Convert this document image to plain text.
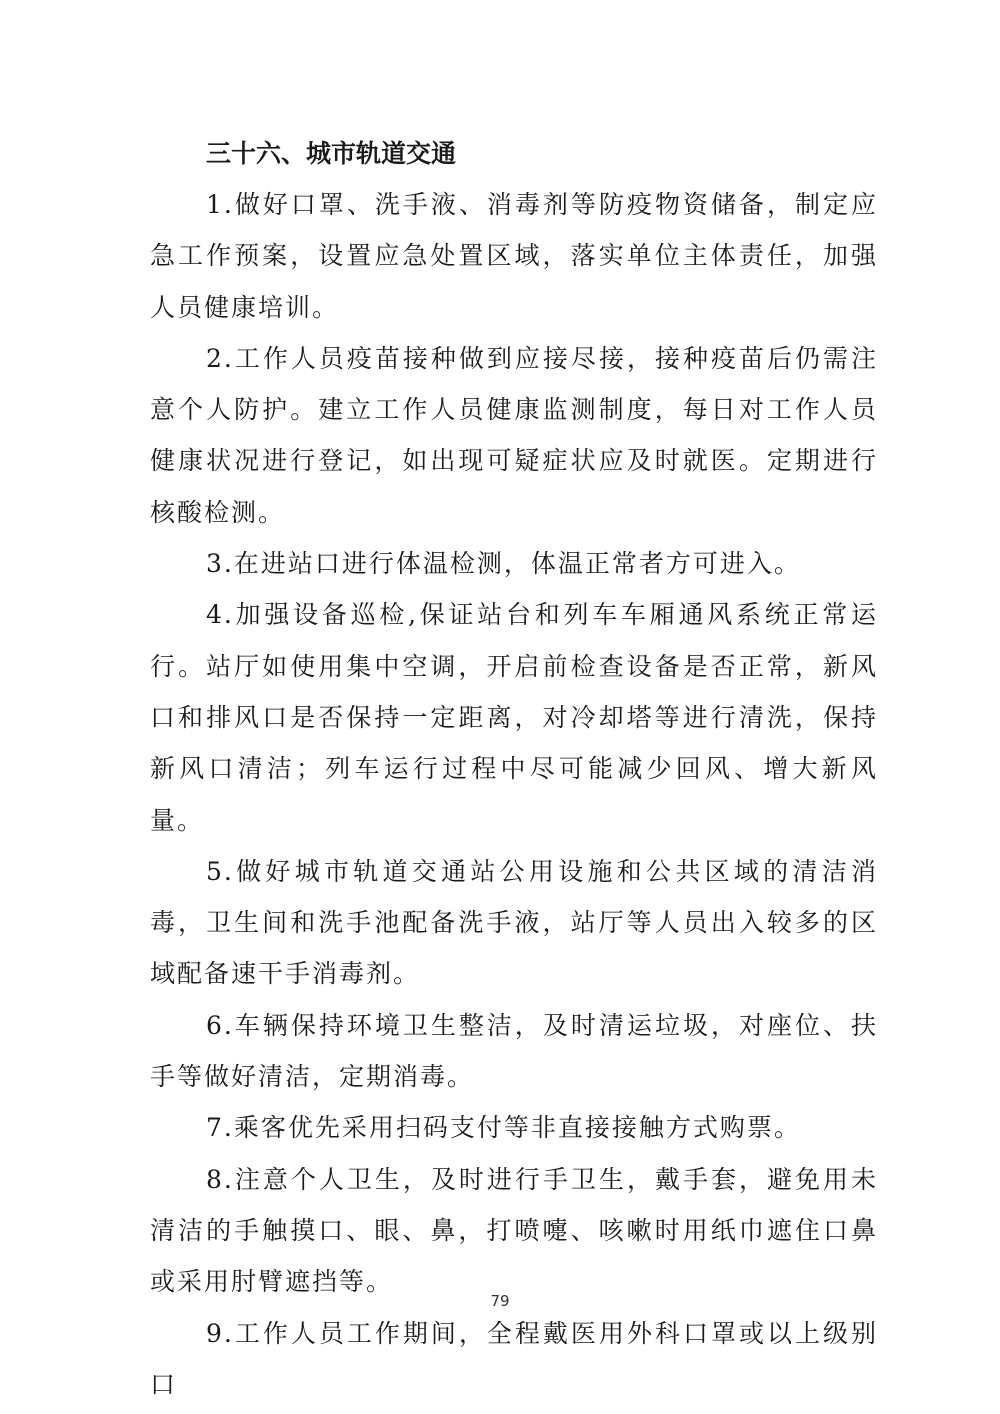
三十六、城市轨道交通

1.做好口罩、洗手液、消毒剂等防疫物资储备，制定应急工作预案，设置应急处置区域，落实单位主体责任，加强人员健康培训。

2.工作人员疫苗接种做到应接尽接，接种疫苗后仍需注意个人防护。建立工作人员健康监测制度，每日对工作人员健康状况进行登记，如出现可疑症状应及时就医。定期进行核酸检测。

3.在进站口进行体温检测，体温正常者方可进入。

4.加强设备巡检,保证站台和列车车厢通风系统正常运行。站厅如使用集中空调，开启前检查设备是否正常，新风口和排风口是否保持一定距离，对冷却塔等进行清洗，保持新风口清洁；列车运行过程中尽可能减少回风、增大新风量。

5.做好城市轨道交通站公用设施和公共区域的清洁消毒，卫生间和洗手池配备洗手液，站厅等人员出入较多的区域配备速干手消毒剂。

6.车辆保持环境卫生整洁，及时清运垃圾，对座位、扶手等做好清洁，定期消毒。

7.乘客优先采用扫码支付等非直接接触方式购票。

8.注意个人卫生，及时进行手卫生，戴手套，避免用未清洁的手触摸口、眼、鼻，打喷嚏、咳嗽时用纸巾遮住口鼻或采用肘臂遮挡等。

9.工作人员工作期间，全程戴医用外科口罩或以上级别口

79
